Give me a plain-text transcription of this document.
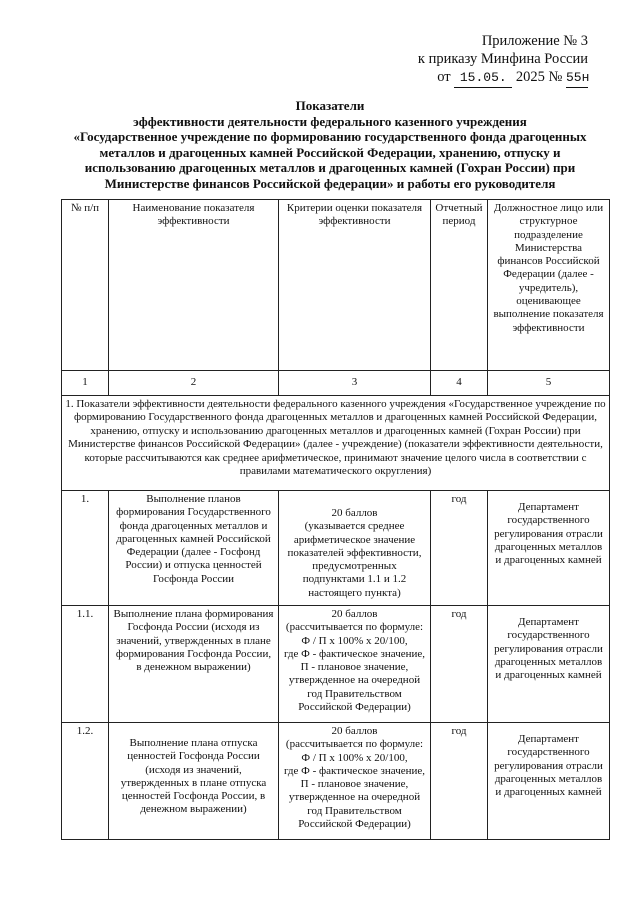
Приложение № 3
к приказу Минфина России
от 15.05. 2025 № 55н
Показатели
эффективности деятельности федерального казенного учреждения
«Государственное учреждение по формированию государственного фонда драгоценных
металлов и драгоценных камней Российской Федерации, хранению, отпуску и
использованию драгоценных металлов и драгоценных камней (Гохран России) при
Министерстве финансов Российской федерации» и работы его руководителя
№ п/п	Наименование показателя эффективности	Критерии оценки показателя эффективности	Отчетный период	Должностное лицо или структурное подразделение Министерства финансов Российской Федерации (далее - учредитель), оценивающее выполнение показателя эффективности
1	2	3	4	5
1. Показатели эффективности деятельности федерального казенного учреждения «Государственное учреждение по формированию Государственного фонда драгоценных металлов и драгоценных камней Российской Федерации, хранению, отпуску и использованию драгоценных металлов и драгоценных камней (Гохран России) при Министерстве финансов Российской Федерации» (далее - учреждение) (показатели эффективности деятельности, которые рассчитываются как среднее арифметическое, принимают значение целого числа в соответствии с правилами математического округления)				
1.	Выполнение планов формирования Государственного фонда драгоценных металлов и драгоценных камней Российской Федерации (далее - Госфонд России) и отпуска ценностей Госфонда России	20 баллов
(указывается среднее арифметическое значение показателей эффективности, предусмотренных подпунктами 1.1 и 1.2 настоящего пункта)	год	Департамент государственного регулирования отрасли драгоценных металлов и драгоценных камней

1.1.	Выполнение плана формирования Госфонда России (исходя из значений, утвержденных в плане формирования Госфонда России, в денежном выражении)	20 баллов
(рассчитывается по формуле:
Ф / П х 100% х 20/100,
где Ф - фактическое значение,
П - плановое значение, утвержденное на очередной год Правительством Российской Федерации)	год	Департамент государственного регулирования отрасли драгоценных металлов и драгоценных камней

1.2.	Выполнение плана отпуска ценностей Госфонда России (исходя из значений, утвержденных в плане отпуска ценностей Госфонда России, в денежном выражении)	20 баллов
(рассчитывается по формуле:
Ф / П х 100% х 20/100,
где Ф - фактическое значение,
П - плановое значение, утвержденное на очередной год Правительством Российской Федерации)	год	Департамент государственного регулирования отрасли драгоценных металлов и драгоценных камней
